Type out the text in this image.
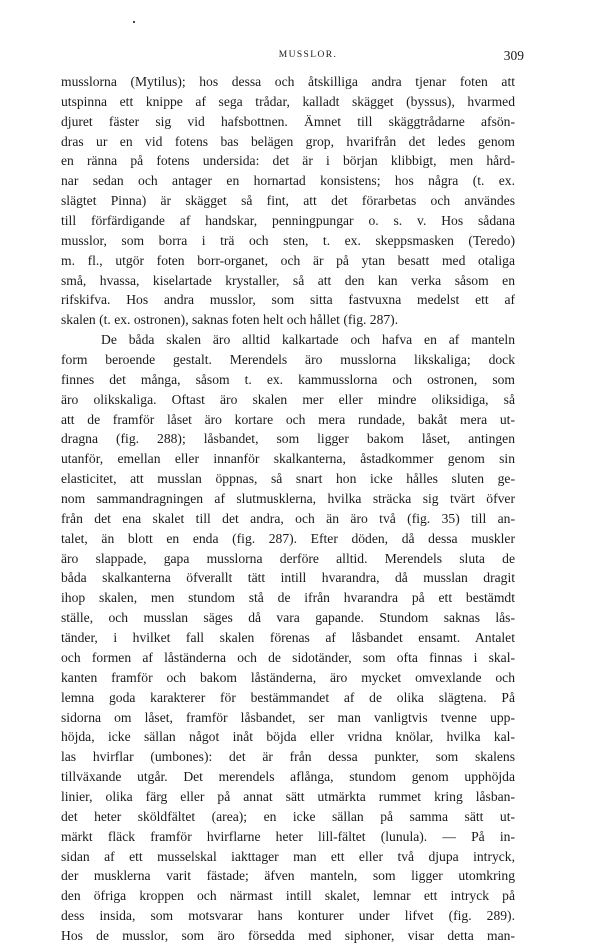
MUSSLOR.	309
musslorna (Mytilus); hos dessa och åtskilliga andra tjenar foten att
utspinna ett knippe af sega trådar, kalladt skägget (byssus), hvarmed
djuret fäster sig vid hafsbottnen. Ämnet till skäggtrådarne afsön-
dras ur en vid fotens bas belägen grop, hvarifrån det ledes genom
en ränna på fotens undersida: det är i början klibbigt, men hård-
nar sedan och antager en hornartad konsistens; hos några (t. ex.
slägtet Pinna) är skägget så fint, att det förarbetas och användes
till förfärdigande af handskar, penningpungar o. s. v. Hos sådana
musslor, som borra i trä och sten, t. ex. skeppsmasken (Teredo)
m. fl., utgör foten borr-organet, och är på ytan besatt med otaliga
små, hvassa, kiselartade krystaller, så att den kan verka såsom en
rifskifva. Hos andra musslor, som sitta fastvuxna medelst ett af
skalen (t. ex. ostronen), saknas foten helt och hållet (fig. 287).
De båda skalen äro alltid kalkartade och hafva en af manteln
form beroende gestalt. Merendels äro musslorna likskaliga; dock
finnes det många, såsom t. ex. kammusslorna och ostronen, som
äro olikskaliga. Oftast äro skalen mer eller mindre oliksidiga, så
att de framför låset äro kortare och mera rundade, bakåt mera ut-
dragna (fig. 288); låsbandet, som ligger bakom låset, antingen
utanför, emellan eller innanför skalkanterna, åstadkommer genom sin
elasticitet, att musslan öppnas, så snart hon icke hålles sluten ge-
nom sammandragningen af slutmusklerna, hvilka sträcka sig tvärt öfver
från det ena skalet till det andra, och än äro två (fig. 35) till an-
talet, än blott en enda (fig. 287). Efter döden, då dessa muskler
äro slappade, gapa musslorna derföre alltid. Merendels sluta de
båda skalkanterna öfverallt tätt intill hvarandra, då musslan dragit
ihop skalen, men stundom stå de ifrån hvarandra på ett bestämdt
ställe, och musslan säges då vara gapande. Stundom saknas lås-
tänder, i hvilket fall skalen förenas af låsbandet ensamt. Antalet
och formen af låständerna och de sidotänder, som ofta finnas i skal-
kanten framför och bakom låständerna, äro mycket omvexlande och
lemna goda karakterer för bestämmandet af de olika slägtena. På
sidorna om låset, framför låsbandet, ser man vanligtvis tvenne upp-
höjda, icke sällan något inåt böjda eller vridna knölar, hvilka kal-
las hvirflar (umbones): det är från dessa punkter, som skalens
tillväxande utgår. Det merendels aflånga, stundom genom upphöjda
linier, olika färg eller på annat sätt utmärkta rummet kring låsban-
det heter sköldfältet (area); en icke sällan på samma sätt ut-
märkt fläck framför hvirflarne heter lill-fältet (lunula). — På in-
sidan af ett musselskal iakttager man ett eller två djupa intryck,
der musklerna varit fästade; äfven manteln, som ligger utomkring
den öfriga kroppen och närmast intill skalet, lemnar ett intryck på
dess insida, som motsvarar hans konturer under lifvet (fig. 289).
Hos de musslor, som äro försedda med siphoner, visar detta man-
